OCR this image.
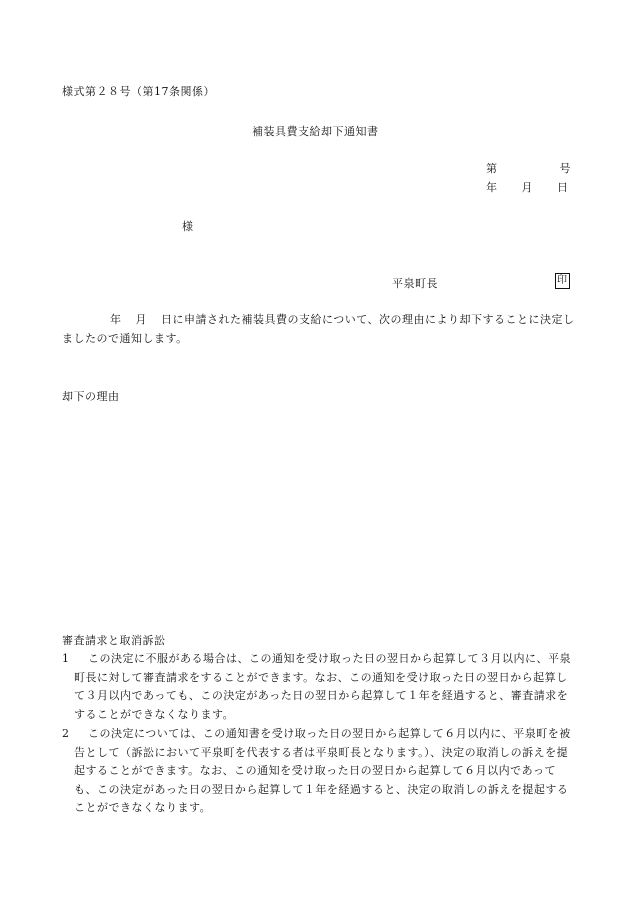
様式第２８号（第17条関係）
補装具費支給却下通知書
第	号
年 月 日
様
平泉町長	印
年 月 日に申請された補装具費の支給について、次の理由により却下することに決定しましたので通知します。
却下の理由
審査請求と取消訴訟
1	この決定に不服がある場合は、この通知を受け取った日の翌日から起算して３月以内に、平泉町長に対して審査請求をすることができます。なお、この通知を受け取った日の翌日から起算して３月以内であっても、この決定があった日の翌日から起算して１年を経過すると、審査請求をすることができなくなります。
2	この決定については、この通知書を受け取った日の翌日から起算して６月以内に、平泉町を被告として（訴訟において平泉町を代表する者は平泉町長となります。）、決定の取消しの訴えを提起することができます。なお、この通知を受け取った日の翌日から起算して６月以内であっても、この決定があった日の翌日から起算して１年を経過すると、決定の取消しの訴えを提起することができなくなります。
